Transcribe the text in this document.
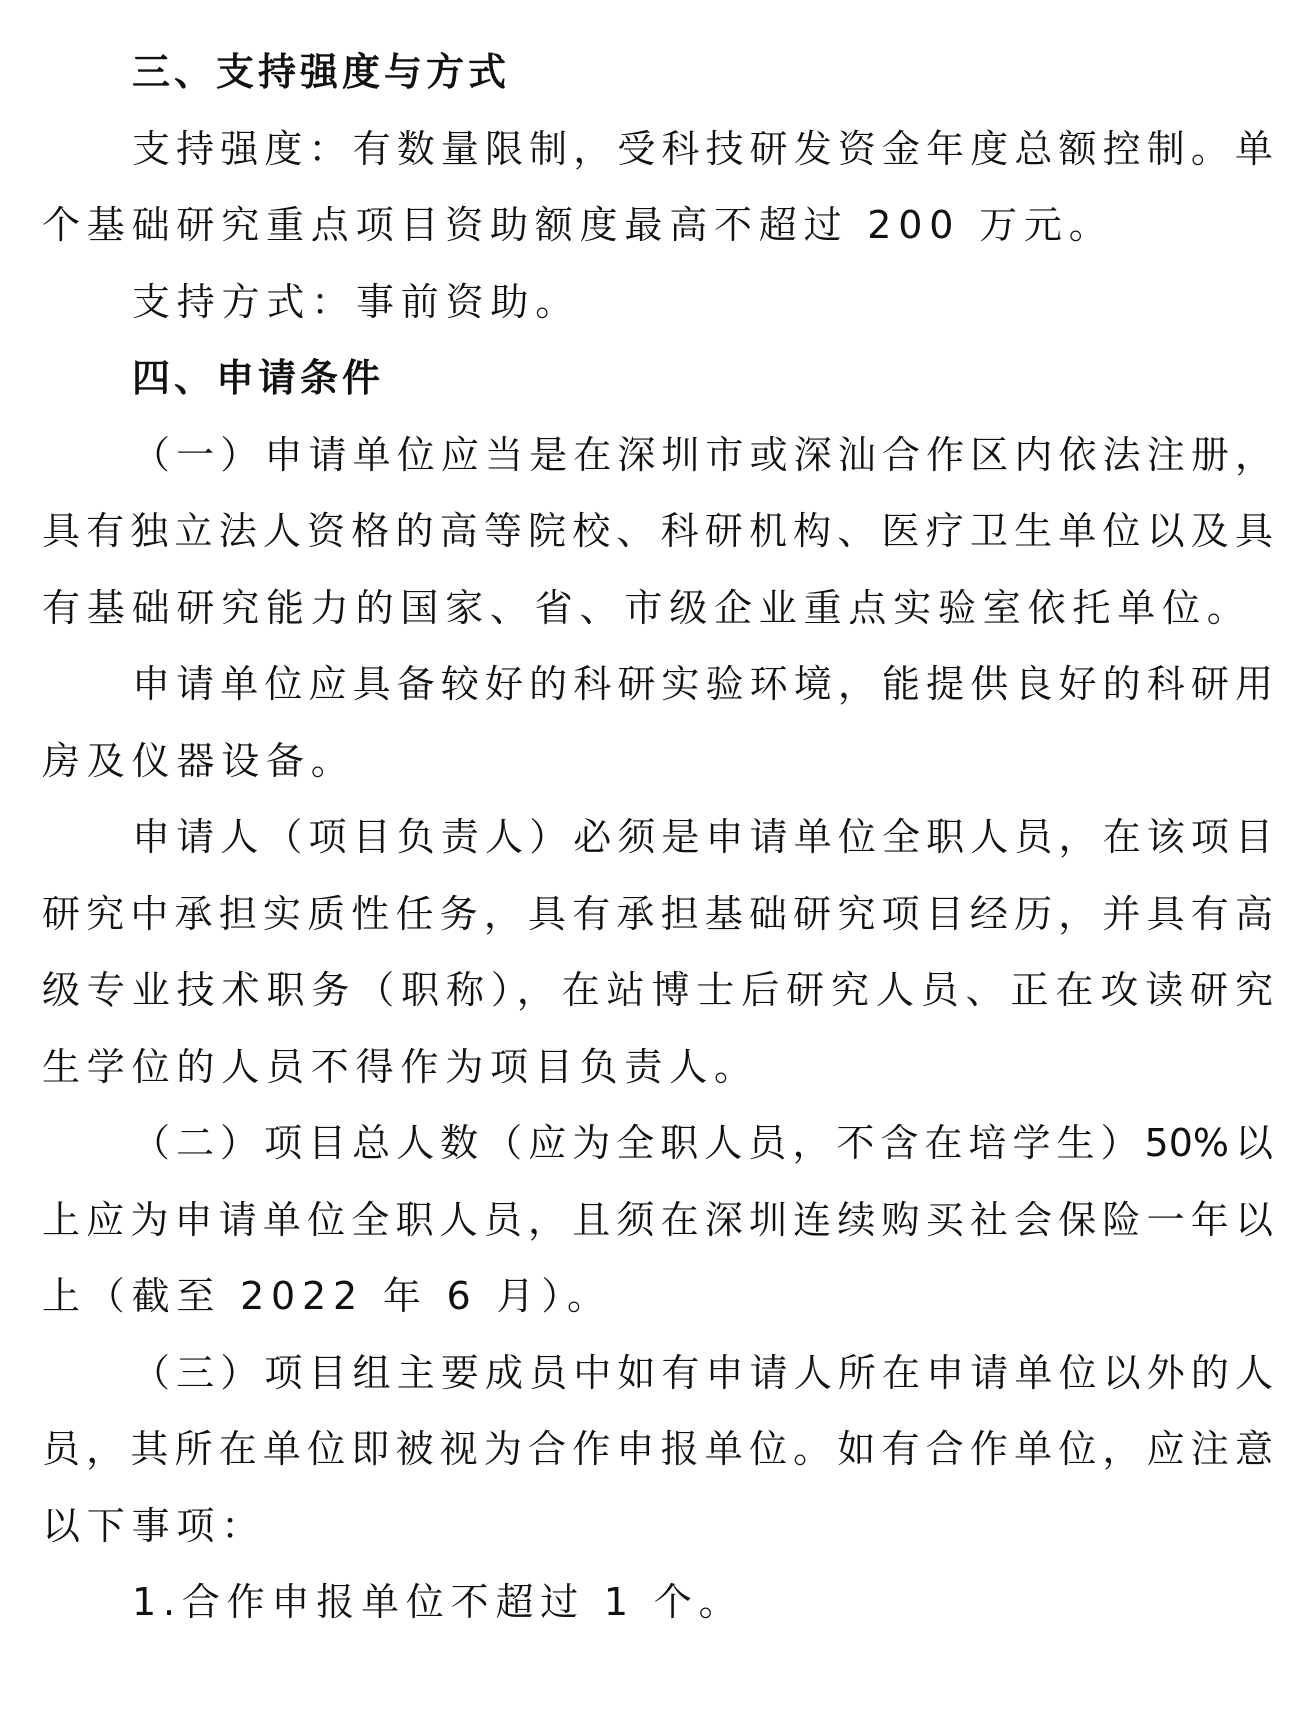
三、支持强度与方式
支持强度：有数量限制，受科技研发资金年度总额控制。单
个基础研究重点项目资助额度最高不超过 200 万元。
支持方式：事前资助。
四、申请条件
（一）申请单位应当是在深圳市或深汕合作区内依法注册，
具有独立法人资格的高等院校、科研机构、医疗卫生单位以及具
有基础研究能力的国家、省、市级企业重点实验室依托单位。
申请单位应具备较好的科研实验环境，能提供良好的科研用
房及仪器设备。
申请人（项目负责人）必须是申请单位全职人员，在该项目
研究中承担实质性任务，具有承担基础研究项目经历，并具有高
级专业技术职务（职称），在站博士后研究人员、正在攻读研究
生学位的人员不得作为项目负责人。
（二）项目总人数（应为全职人员，不含在培学生）50%以
上应为申请单位全职人员，且须在深圳连续购买社会保险一年以
上（截至 2022 年 6 月）。
（三）项目组主要成员中如有申请人所在申请单位以外的人
员，其所在单位即被视为合作申报单位。如有合作单位，应注意
以下事项：
1.合作申报单位不超过 1 个。
